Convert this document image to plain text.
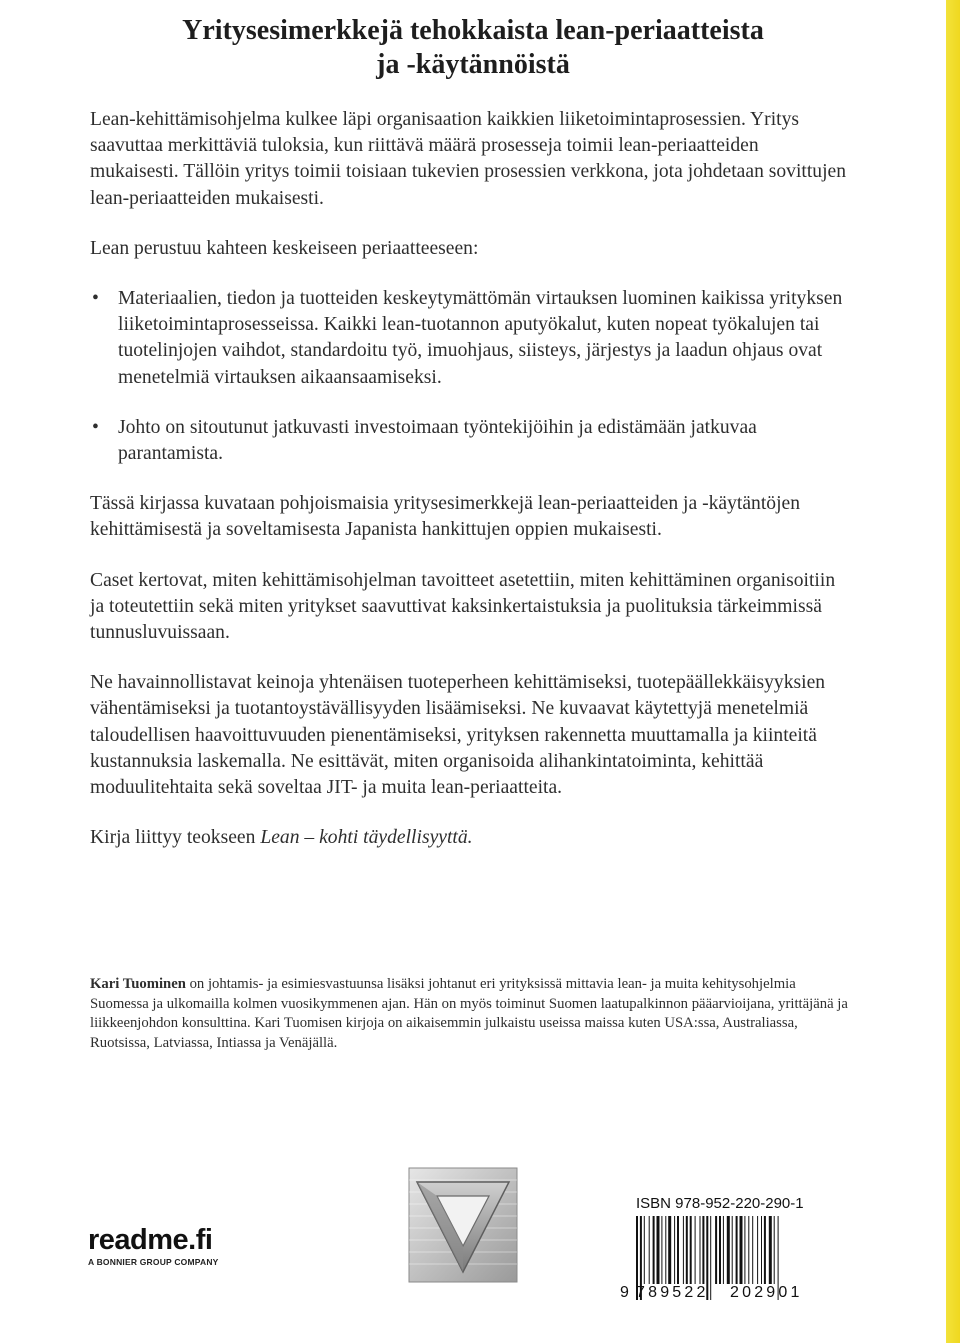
Yritysesimerkkejä tehokkaista lean-periaatteista
ja -käytännöistä

Lean-kehittämisohjelma kulkee läpi organisaation kaikkien liiketoimintaprosessien. Yritys saavuttaa merkittäviä tuloksia, kun riittävä määrä prosesseja toimii lean-periaatteiden mukaisesti. Tällöin yritys toimii toisiaan tukevien prosessien verkkona, jota johdetaan sovittujen lean-periaatteiden mukaisesti.

Lean perustuu kahteen keskeiseen periaatteeseen:

• Materiaalien, tiedon ja tuotteiden keskeytymättömän virtauksen luominen kaikissa yrityksen liiketoimintaprosesseissa. Kaikki lean-tuotannon aputyökalut, kuten nopeat työkalujen tai tuotelinjojen vaihdot, standardoitu työ, imuohjaus, siisteys, järjestys ja laadun ohjaus ovat menetelmiä virtauksen aikaansaamiseksi.
• Johto on sitoutunut jatkuvasti investoimaan työntekijöihin ja edistämään jatkuvaa parantamista.

Tässä kirjassa kuvataan pohjoismaisia yritysesimerkkejä lean-periaatteiden ja -käytäntöjen kehittämisestä ja soveltamisesta Japanista hankittujen oppien mukaisesti.

Caset kertovat, miten kehittämisohjelman tavoitteet asetettiin, miten kehittäminen organisoitiin ja toteutettiin sekä miten yritykset saavuttivat kaksinkertaistuksia ja puolituksia tärkeimmissä tunnusluvuissaan.

Ne havainnollistavat keinoja yhtenäisen tuoteperheen kehittämiseksi, tuotepäällekkäisyyksien vähentämiseksi ja tuotantoystävällisyyden lisäämiseksi. Ne kuvaavat käytettyjä menetelmiä taloudellisen haavoittuvuuden pienentämiseksi, yrityksen rakennetta muuttamalla ja kiinteitä kustannuksia laskemalla. Ne esittävät, miten organisoida alihankintatoiminta, kehittää moduulitehtaita sekä soveltaa JIT- ja muita lean-periaatteita.

Kirja liittyy teokseen Lean – kohti täydellisyyttä.

Kari Tuominen on johtamis- ja esimiesvastuunsa lisäksi johtanut eri yrityksissä mittavia lean- ja muita kehitysohjelmia Suomessa ja ulkomailla kolmen vuosikymmenen ajan. Hän on myös toiminut Suomen laatupalkinnon pääarvioijana, yrittäjänä ja liikkeenjohdon konsulttina. Kari Tuomisen kirjoja on aikaisemmin julkaistu useissa maissa kuten USA:ssa, Australiassa, Ruotsissa, Latviassa, Intiassa ja Venäjällä.

readme.fi
A BONNIER GROUP COMPANY
ISBN 978-952-220-290-1
9 789522 202901
